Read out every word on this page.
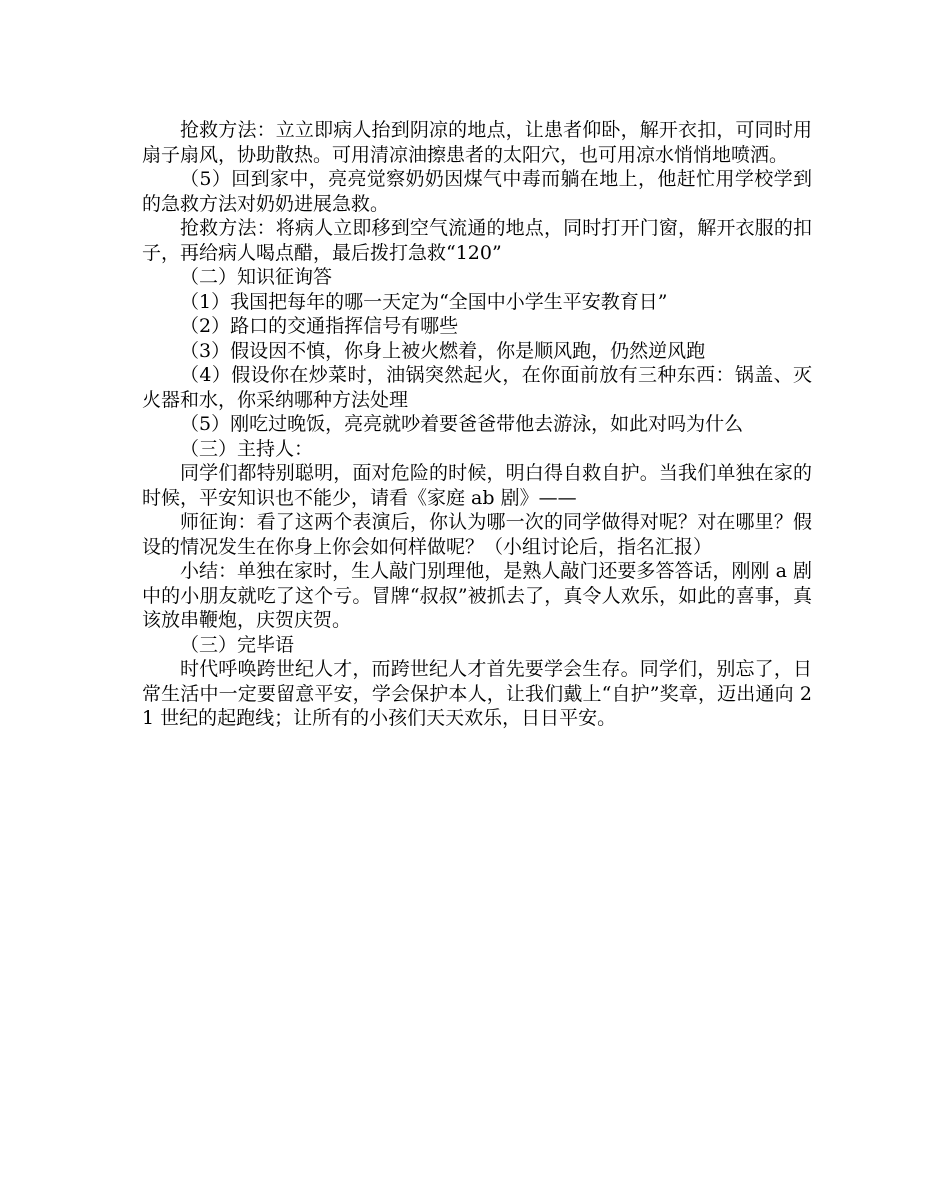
抢救方法：立立即病人抬到阴凉的地点，让患者仰卧，解开衣扣，可同时用扇子扇风，协助散热。可用清凉油擦患者的太阳穴，也可用凉水悄悄地喷洒。

（5）回到家中，亮亮觉察奶奶因煤气中毒而躺在地上，他赶忙用学校学到的急救方法对奶奶进展急救。

抢救方法：将病人立即移到空气流通的地点，同时打开门窗，解开衣服的扣子，再给病人喝点醋，最后拨打急救“120”

（二）知识征询答

（1）我国把每年的哪一天定为“全国中小学生平安教育日”

（2）路口的交通指挥信号有哪些

（3）假设因不慎，你身上被火燃着，你是顺风跑，仍然逆风跑

（4）假设你在炒菜时，油锅突然起火，在你面前放有三种东西：锅盖、灭火器和水，你采纳哪种方法处理

（5）刚吃过晚饭，亮亮就吵着要爸爸带他去游泳，如此对吗为什么

（三）主持人：

同学们都特别聪明，面对危险的时候，明白得自救自护。当我们单独在家的时候，平安知识也不能少，请看《家庭 ab 剧》——

师征询：看了这两个表演后，你认为哪一次的同学做得对呢？对在哪里？假设的情况发生在你身上你会如何样做呢？（小组讨论后，指名汇报）

小结：单独在家时，生人敲门别理他，是熟人敲门还要多答答话，刚刚 a 剧中的小朋友就吃了这个亏。冒牌“叔叔”被抓去了，真令人欢乐，如此的喜事，真该放串鞭炮，庆贺庆贺。

（三）完毕语

时代呼唤跨世纪人才，而跨世纪人才首先要学会生存。同学们，别忘了，日常生活中一定要留意平安，学会保护本人，让我们戴上“自护”奖章，迈出通向 21 世纪的起跑线；让所有的小孩们天天欢乐，日日平安。
